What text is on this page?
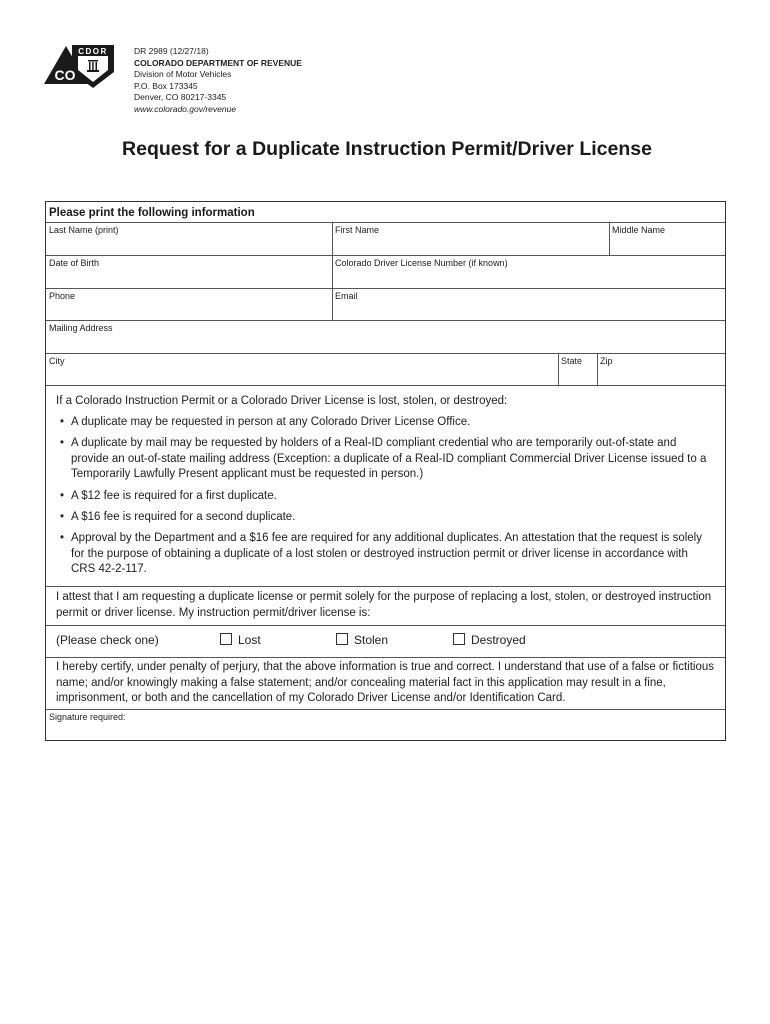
CDOR
CO
DR 2989 (12/27/18)
COLORADO DEPARTMENT OF REVENUE
Division of Motor Vehicles
P.O. Box 173345
Denver, CO 80217-3345
www.colorado.gov/revenue
Request for a Duplicate Instruction Permit/Driver License
Please print the following information
Last Name (print)	First Name	Middle Name
Date of Birth	Colorado Driver License Number (if known)
Phone	Email
Mailing Address
City	State Zip
If a Colorado Instruction Permit or a Colorado Driver License is lost, stolen, or destroyed:
• A duplicate may be requested in person at any Colorado Driver License Office.
• A duplicate by mail may be requested by holders of a Real-ID compliant credential who are temporarily out-of-state and provide an out-of-state mailing address (Exception: a duplicate of a Real-ID compliant Commercial Driver License issued to a Temporarily Lawfully Present applicant must be requested in person.)
• A $12 fee is required for a first duplicate.
• A $16 fee is required for a second duplicate.
• Approval by the Department and a $16 fee are required for any additional duplicates. An attestation that the request is solely for the purpose of obtaining a duplicate of a lost stolen or destroyed instruction permit or driver license in accordance with CRS 42-2-117.
I attest that I am requesting a duplicate license or permit solely for the purpose of replacing a lost, stolen, or destroyed instruction permit or driver license. My instruction permit/driver license is:
(Please check one)	Lost	Stolen	Destroyed
I hereby certify, under penalty of perjury, that the above information is true and correct. I understand that use of a false or fictitious name; and/or knowingly making a false statement; and/or concealing material fact in this application may result in a fine, imprisonment, or both and the cancellation of my Colorado Driver License and/or Identification Card.
Signature required:
